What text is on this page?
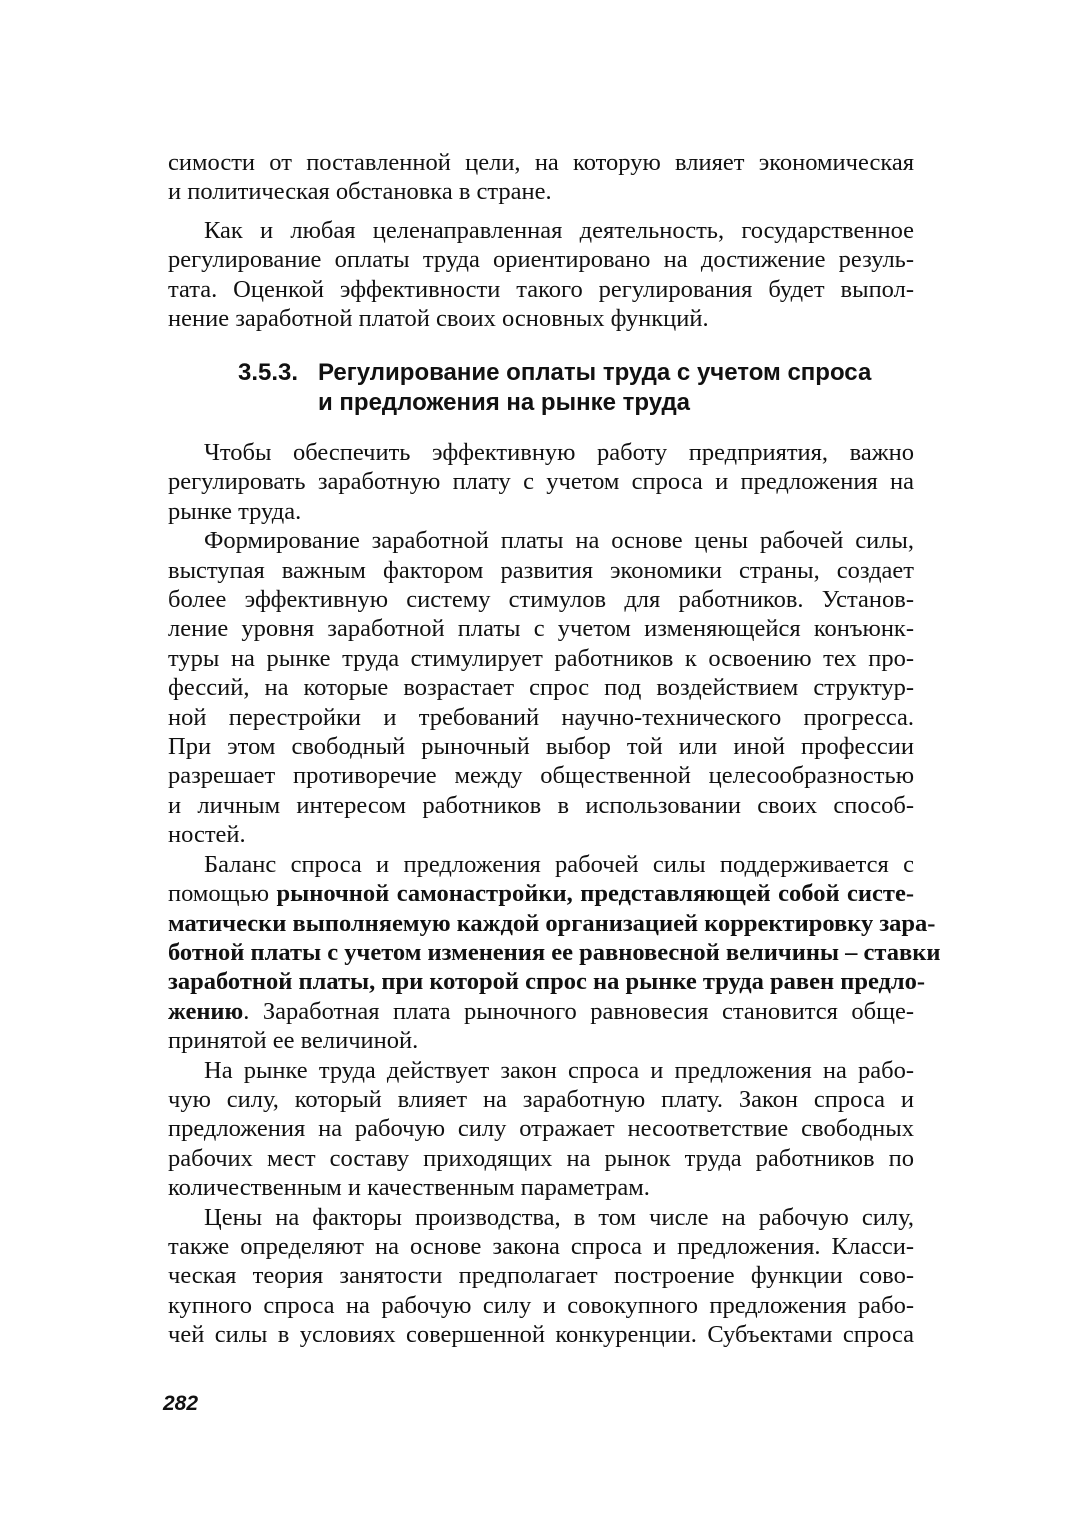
симости от поставленной цели, на которую влияет экономическая
и политическая обстановка в стране.
Как и любая целенаправленная деятельность, государственное
регулирование оплаты труда ориентировано на достижение резуль-
тата. Оценкой эффективности такого регулирования будет выпол-
нение заработной платой своих основных функций.
3.5.3. Регулирование оплаты труда с учетом спроса
и предложения на рынке труда
Чтобы обеспечить эффективную работу предприятия, важно
регулировать заработную плату с учетом спроса и предложения на
рынке труда.
Формирование заработной платы на основе цены рабочей силы,
выступая важным фактором развития экономики страны, создает
более эффективную систему стимулов для работников. Установ-
ление уровня заработной платы с учетом изменяющейся конъюнк-
туры на рынке труда стимулирует работников к освоению тех про-
фессий, на которые возрастает спрос под воздействием структур-
ной перестройки и требований научно-технического прогресса.
При этом свободный рыночный выбор той или иной профессии
разрешает противоречие между общественной целесообразностью
и личным интересом работников в использовании своих способ-
ностей.
Баланс спроса и предложения рабочей силы поддерживается с
помощью рыночной самонастройки, представляющей собой систе-
матически выполняемую каждой организацией корректировку зара-
ботной платы с учетом изменения ее равновесной величины – ставки
заработной платы, при которой спрос на рынке труда равен предло-
жению. Заработная плата рыночного равновесия становится обще-
принятой ее величиной.
На рынке труда действует закон спроса и предложения на рабо-
чую силу, который влияет на заработную плату. Закон спроса и
предложения на рабочую силу отражает несоответствие свободных
рабочих мест составу приходящих на рынок труда работников по
количественным и качественным параметрам.
Цены на факторы производства, в том числе на рабочую силу,
также определяют на основе закона спроса и предложения. Класси-
ческая теория занятости предполагает построение функции сово-
купного спроса на рабочую силу и совокупного предложения рабо-
чей силы в условиях совершенной конкуренции. Субъектами спроса
282
